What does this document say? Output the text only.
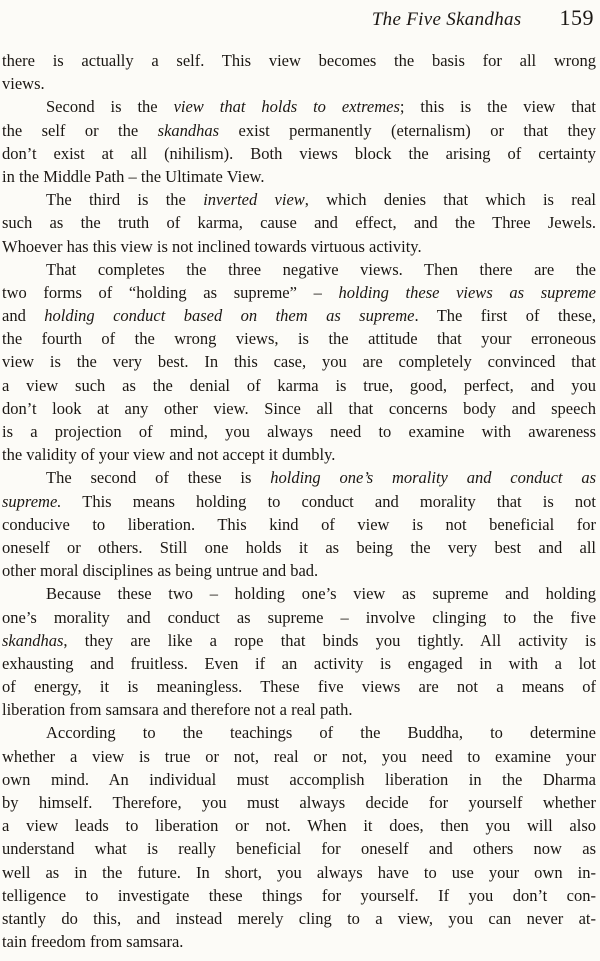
The Five Skandhas 159
there is actually a self. This view becomes the basis for all wrong
views.
Second is the view that holds to extremes; this is the view that
the self or the skandhas exist permanently (eternalism) or that they
don’t exist at all (nihilism). Both views block the arising of certainty
in the Middle Path – the Ultimate View.
The third is the inverted view, which denies that which is real
such as the truth of karma, cause and effect, and the Three Jewels.
Whoever has this view is not inclined towards virtuous activity.
That completes the three negative views. Then there are the
two forms of “holding as supreme” – holding these views as supreme
and holding conduct based on them as supreme. The first of these,
the fourth of the wrong views, is the attitude that your erroneous
view is the very best. In this case, you are completely convinced that
a view such as the denial of karma is true, good, perfect, and you
don’t look at any other view. Since all that concerns body and speech
is a projection of mind, you always need to examine with awareness
the validity of your view and not accept it dumbly.
The second of these is holding one’s morality and conduct as
supreme. This means holding to conduct and morality that is not
conducive to liberation. This kind of view is not beneficial for
oneself or others. Still one holds it as being the very best and all
other moral disciplines as being untrue and bad.
Because these two – holding one’s view as supreme and holding
one’s morality and conduct as supreme – involve clinging to the five
skandhas, they are like a rope that binds you tightly. All activity is
exhausting and fruitless. Even if an activity is engaged in with a lot
of energy, it is meaningless. These five views are not a means of
liberation from samsara and therefore not a real path.
According to the teachings of the Buddha, to determine
whether a view is true or not, real or not, you need to examine your
own mind. An individual must accomplish liberation in the Dharma
by himself. Therefore, you must always decide for yourself whether
a view leads to liberation or not. When it does, then you will also
understand what is really beneficial for oneself and others now as
well as in the future. In short, you always have to use your own in-
telligence to investigate these things for yourself. If you don’t con-
stantly do this, and instead merely cling to a view, you can never at-
tain freedom from samsara.
